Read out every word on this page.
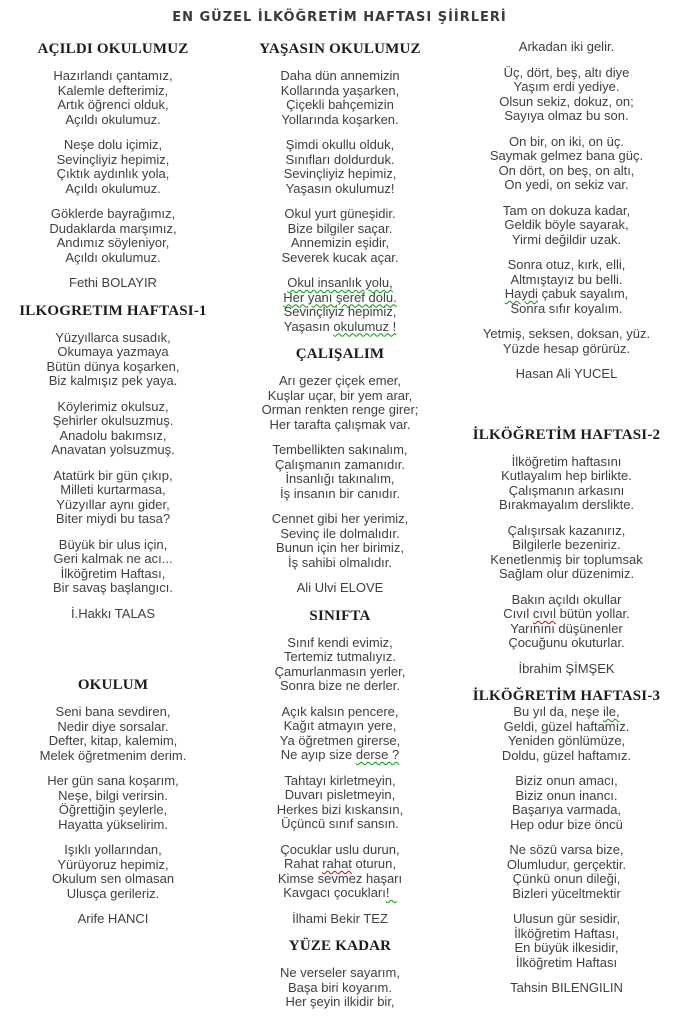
EN GÜZEL İLKÖĞRETİM HAFTASI ŞİİRLERİ
AÇILDI OKULUMUZ

Hazırlandı çantamız,

Kalemle defterimiz,

Artık öğrenci olduk,

Açıldı okulumuz.

Neşe dolu içimiz,

Sevinçliyiz hepimiz,

Çıktık aydınlık yola,

Açıldı okulumuz.

Göklerde bayrağımız,

Dudaklarda marşımız,

Andımız söyleniyor,

Açıldı okulumuz.

Fethi BOLAYIR
ILKOGRETIM HAFTASI-1

Yüzyıllarca susadık,

Okumaya yazmaya

Bütün dünya koşarken,

Biz kalmışız pek yaya.

Köylerimiz okulsuz,

Şehirler okulsuzmuş.

Anadolu bakımsız,

Anavatan yolsuzmuş.

Atatürk bir gün çıkıp,

Milleti kurtarmasa,

Yüzyıllar aynı gider,

Biter miydi bu tasa?

Büyük bir ulus için,

Geri kalmak ne acı...

İlköğretim Haftası,

Bir savaş başlangıcı.

İ.Hakkı TALAS
OKULUM

Seni bana sevdiren,

Nedir diye sorsalar.

Defter, kitap, kalemim,

Melek öğretmenim derim.

Her gün sana koşarım,

Neşe, bilgi verirsin.

Öğrettiğin şeylerle,

Hayatta yükselirim.

Işıklı yollarından,

Yürüyoruz hepimiz,

Okulum sen olmasan

Ulusça gerileriz.

Arife HANCI
YAŞASIN OKULUMUZ

Daha dün annemizin

Kollarında yaşarken,

Çiçekli bahçemizin

Yollarında koşarken.

Şimdi okullu olduk,

Sınıfları doldurduk.

Sevinçliyiz hepimiz,

Yaşasın okulumuz!

Okul yurt güneşidir.

Bize bilgiler saçar.

Annemizin eşidir,

Severek kucak açar.

Okul insanlık yolu,

Her yanı şeref dolu.

Sevinçliyiz hepimiz,

Yaşasın okulumuz !

ÇALIŞALIM

Arı gezer çiçek emer,

Kuşlar uçar, bir yem arar,

Orman renkten renge girer;

Her tarafta çalışmak var.

Tembellikten sakınalım,

Çalışmanın zamanıdır.

İnsanlığı takınalım,

İş insanın bir canıdır.

Cennet gibi her yerimiz,

Sevinç ile dolmalıdır.

Bunun için her birimiz,

İş sahibi olmalıdır.

Ali Ulvi ELOVE
SINIFTA

Sınıf kendi evimiz,

Tertemiz tutmalıyız.

Çamurlanmasın yerler,

Sonra bize ne derler.

Açık kalsın pencere,

Kağıt atmayın yere,

Ya öğretmen girerse,

Ne ayıp size derse ?

Tahtayı kirletmeyin,

Duvarı pisletmeyin,

Herkes bizi kıskansın,

Üçüncü sınıf sansın.

Çocuklar uslu durun,

Rahat rahat oturun,

Kimse sevmez haşarı

Kavgacı çocukları!

İlhami Bekir TEZ
YÜZE KADAR

Ne verseler sayarım,

Başa biri koyarım.

Her şeyin ilkidir bir,

Arkadan iki gelir.

Üç, dört, beş, altı diye

Yaşım erdi yediye.

Olsun sekiz, dokuz, on;

Sayıya olmaz bu son.

On bir, on iki, on üç.

Saymak gelmez bana güç.

On dört, on beş, on altı,

On yedi, on sekiz var.

Tam on dokuza kadar,

Geldik böyle sayarak,

Yirmi değildir uzak.

Sonra otuz, kırk, elli,

Altmıştayız bu belli.

Haydi çabuk sayalım,

Sonra sıfır koyalım.

Yetmiş, seksen, doksan, yüz.

Yüzde hesap görürüz.

Hasan Ali YUCEL
İLKÖĞRETİM HAFTASI-2

İlköğretim haftasını

Kutlayalım hep birlikte.

Çalışmanın arkasını

Bırakmayalım derslikte.

Çalışırsak kazanırız,

Bilgilerle bezeniriz.

Kenetlenmiş bir toplumsak

Sağlam olur düzenimiz.

Bakın açıldı okullar

Cıvıl cıvıl bütün yollar.

Yarınını düşünenler

Çocuğunu okuturlar.

İbrahim ŞİMŞEK
İLKÖĞRETİM HAFTASI-3

Bu yıl da, neşe ile,

Geldi, güzel haftamız.

Yeniden gönlümüze,

Doldu, güzel haftamız.

Biziz onun amacı,

Biziz onun inancı.

Başarıya varmada,

Hep odur bize öncü

Ne sözü varsa bize,

Olumludur, gerçektir.

Çünkü onun dileği,

Bizleri yüceltmektir

Ulusun gür sesidir,

İlköğretim Haftası,

En büyük ilkesidir,

İlköğretim Haftası

Tahsin BILENGILIN
